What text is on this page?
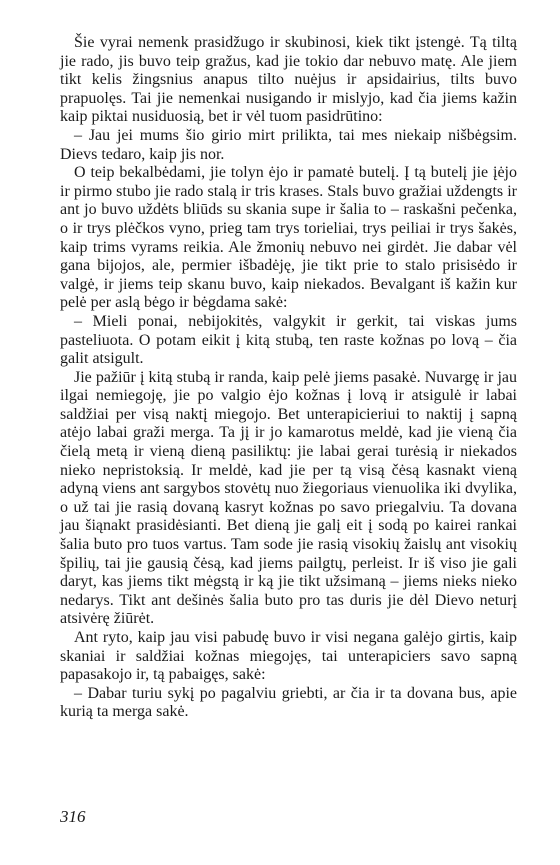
Šie vyrai nemenk prasidžugo ir skubinosi, kiek tikt įstengė. Tą tiltą jie rado, jis buvo teip gražus, kad jie tokio dar nebuvo matę. Ale jiem tikt kelis žingsnius anapus tilto nuėjus ir apsidairius, tilts buvo prapuolęs. Tai jie nemenkai nusigando ir mislyjo, kad čia jiems kažin kaip piktai nusiduosią, bet ir vėl tuom pasidrūtino:

– Jau jei mums šio girio mirt prilikta, tai mes niekaip nišbėgsim. Dievs tedaro, kaip jis nor.

O teip bekalbėdami, jie tolyn ėjo ir pamatė butelį. Į tą butelį jie įėjo ir pirmo stubo jie rado stalą ir tris krases. Stals buvo gražiai uždengts ir ant jo buvo uždėts bliūds su skania supe ir šalia to – raskašni pečenka, o ir trys plėčkos vyno, prieg tam trys torieliai, trys peiliai ir trys šakės, kaip trims vyrams reikia. Ale žmonių nebuvo nei girdėt. Jie dabar vėl gana bijojos, ale, permier išbadėję, jie tikt prie to stalo prisisėdo ir valgė, ir jiems teip skanu buvo, kaip niekados. Bevalgant iš kažin kur pelė per aslą bėgo ir bėgdama sakė:

– Mieli ponai, nebijokitės, valgykit ir gerkit, tai viskas jums pasteliuota. O potam eikit į kitą stubą, ten raste kožnas po lovą – čia galit atsigult.

Jie pažiūr į kitą stubą ir randa, kaip pelė jiems pasakė. Nuvargę ir jau ilgai nemiegoję, jie po valgio ėjo kožnas į lovą ir atsigulė ir labai saldžiai per visą naktį miegojo. Bet unterapicieriui to naktij į sapną atėjo labai graži merga. Ta jį ir jo kamarotus meldė, kad jie vieną čia čielą metą ir vieną dieną pasiliktų: jie labai gerai turėsią ir niekados nieko nepristoksią. Ir meldė, kad jie per tą visą čėsą kasnakt vieną adyną viens ant sargybos stovėtų nuo žiegoriaus vienuolika iki dvylika, o už tai jie rasią dovaną kasryt kožnas po savo priegalviu. Ta dovana jau šiąnakt prasidėsianti. Bet dieną jie galį eit į sodą po kairei rankai šalia buto pro tuos vartus. Tam sode jie rasią visokių žaislų ant visokių špilių, tai jie gausią čėsą, kad jiems pailgtų, perleist. Ir iš viso jie gali daryt, kas jiems tikt mėgstą ir ką jie tikt užsimaną – jiems nieks nieko nedarys. Tikt ant dešinės šalia buto pro tas duris jie dėl Dievo neturį atsivėrę žiūrėt.

Ant ryto, kaip jau visi pabudę buvo ir visi negana galėjo girtis, kaip skaniai ir saldžiai kožnas miegojęs, tai unterapiciers savo sapną papasakojo ir, tą pabaigęs, sakė:

– Dabar turiu sykį po pagalviu griebti, ar čia ir ta dovana bus, apie kurią ta merga sakė.

316
